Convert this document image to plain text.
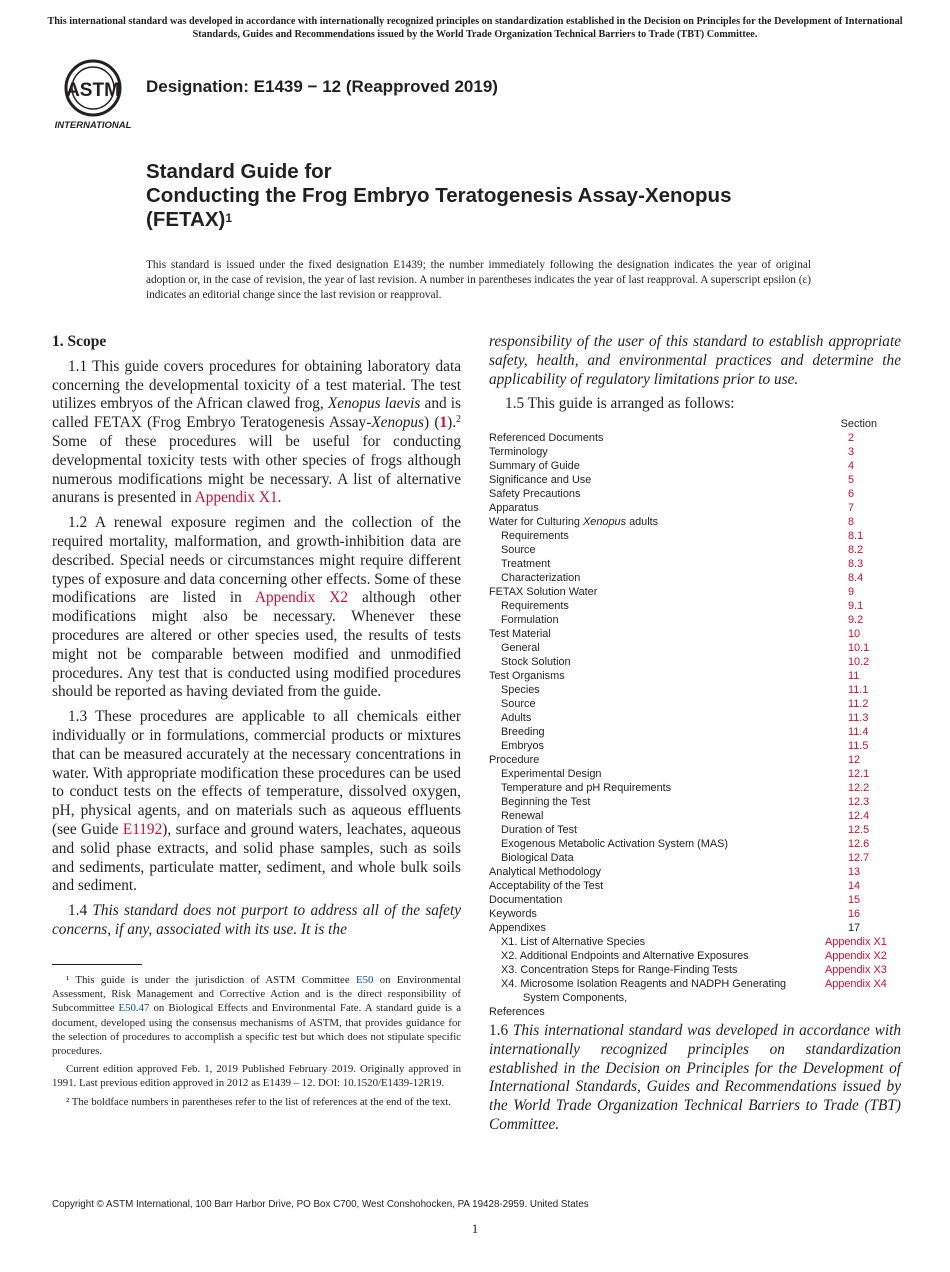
This international standard was developed in accordance with internationally recognized principles on standardization established in the Decision on Principles for the Development of International Standards, Guides and Recommendations issued by the World Trade Organization Technical Barriers to Trade (TBT) Committee.
ASTM
INTERNATIONAL
Designation: E1439 − 12 (Reapproved 2019)
Standard Guide for
Conducting the Frog Embryo Teratogenesis Assay-Xenopus
(FETAX)$^1$
This standard is issued under the fixed designation E1439; the number immediately following the designation indicates the year of original adoption or, in the case of revision, the year of last revision. A number in parentheses indicates the year of last reapproval. A superscript epsilon (ε) indicates an editorial change since the last revision or reapproval.
1. Scope

1.1 This guide covers procedures for obtaining laboratory data concerning the developmental toxicity of a test material. The test utilizes embryos of the African clawed frog, Xenopus laevis and is called FETAX (Frog Embryo Teratogenesis Assay-Xenopus) (1).$^2$ Some of these procedures will be useful for conducting developmental toxicity tests with other species of frogs although numerous modifications might be necessary. A list of alternative anurans is presented in Appendix X1.

1.2 A renewal exposure regimen and the collection of the required mortality, malformation, and growth-inhibition data are described. Special needs or circumstances might require different types of exposure and data concerning other effects. Some of these modifications are listed in Appendix X2 although other modifications might also be necessary. Whenever these procedures are altered or other species used, the results of tests might not be comparable between modified and unmodified procedures. Any test that is conducted using modified procedures should be reported as having deviated from the guide.

1.3 These procedures are applicable to all chemicals either individually or in formulations, commercial products or mixtures that can be measured accurately at the necessary concentrations in water. With appropriate modification these procedures can be used to conduct tests on the effects of temperature, dissolved oxygen, pH, physical agents, and on materials such as aqueous effluents (see Guide E1192), surface and ground waters, leachates, aqueous and solid phase extracts, and solid phase samples, such as soils and sediments, particulate matter, sediment, and whole bulk soils and sediment.

1.4 This standard does not purport to address all of the safety concerns, if any, associated with its use. It is the

¹ This guide is under the jurisdiction of ASTM Committee E50 on Environmental Assessment, Risk Management and Corrective Action and is the direct responsibility of Subcommittee E50.47 on Biological Effects and Environmental Fate. A standard guide is a document, developed using the consensus mechanisms of ASTM, that provides guidance for the selection of procedures to accomplish a specific test but which does not stipulate specific procedures.

Current edition approved Feb. 1, 2019 Published February 2019. Originally approved in 1991. Last previous edition approved in 2012 as E1439 – 12. DOI: 10.1520/E1439-12R19.

² The boldface numbers in parentheses refer to the list of references at the end of the text.

responsibility of the user of this standard to establish appropriate safety, health, and environmental practices and determine the applicability of regulatory limitations prior to use.

1.5 This guide is arranged as follows:

Section
Referenced Documents	2
Terminology	3
Summary of Guide	4
Significance and Use	5
Safety Precautions	6
Apparatus	7
Water for Culturing Xenopus adults	8
Requirements	8.1
Source	8.2
Treatment	8.3
Characterization	8.4
FETAX Solution Water	9
Requirements	9.1
Formulation	9.2
Test Material	10
General	10.1
Stock Solution	10.2
Test Organisms	11
Species	11.1
Source	11.2
Adults	11.3
Breeding	11.4
Embryos	11.5
Procedure	12
Experimental Design	12.1
Temperature and pH Requirements	12.2
Beginning the Test	12.3
Renewal	12.4
Duration of Test	12.5
Exogenous Metabolic Activation System (MAS)	12.6
Biological Data	12.7
Analytical Methodology	13
Acceptability of the Test	14
Documentation	15
Keywords	16
Appendixes	17
X1. List of Alternative Species	Appendix X1
X2. Additional Endpoints and Alternative Exposures	Appendix X2
X3. Concentration Steps for Range-Finding Tests	Appendix X3
X4. Microsome Isolation Reagents and NADPH Generating
System Components,
Appendix X4
References
1.6 This international standard was developed in accordance with internationally recognized principles on standardization established in the Decision on Principles for the Development of International Standards, Guides and Recommendations issued by the World Trade Organization Technical Barriers to Trade (TBT) Committee.
Copyright © ASTM International, 100 Barr Harbor Drive, PO Box C700, West Conshohocken, PA 19428-2959. United States
1
